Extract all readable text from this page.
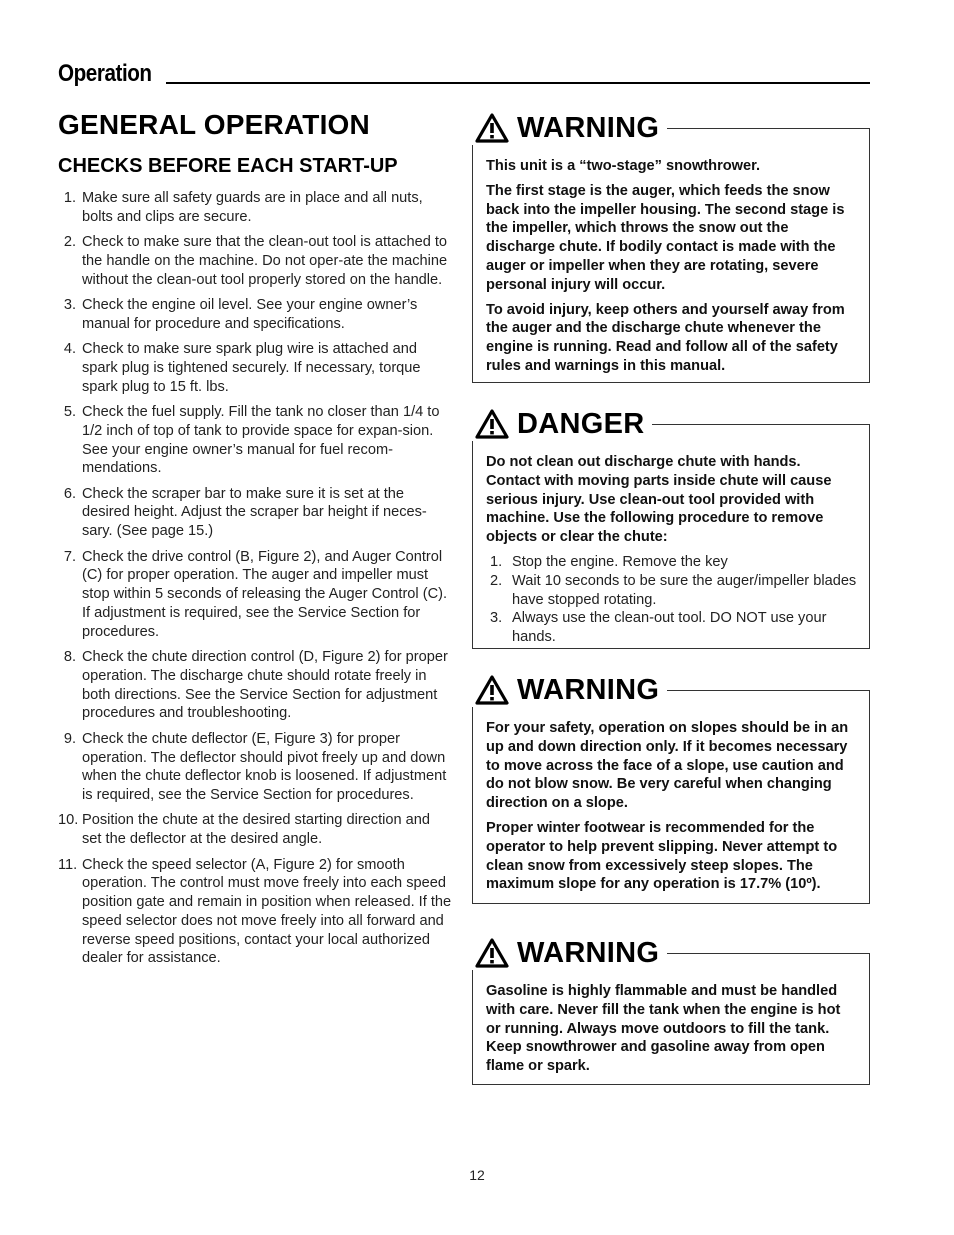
Operation
GENERAL OPERATION
CHECKS BEFORE EACH START-UP
1. Make sure all safety guards are in place and all nuts, bolts and clips are secure.
2. Check to make sure that the clean-out tool is attached to the handle on the machine. Do not oper-ate the machine without the clean-out tool properly stored on the handle.
3. Check the engine oil level. See your engine owner’s manual for procedure and specifications.
4. Check to make sure spark plug wire is attached and spark plug is tightened securely. If necessary, torque spark plug to 15 ft. lbs.
5. Check the fuel supply. Fill the tank no closer than 1/4 to 1/2 inch of top of tank to provide space for expan-sion. See your engine owner’s manual for fuel recom-mendations.
6. Check the scraper bar to make sure it is set at the desired height. Adjust the scraper bar height if neces-sary. (See page 15.)
7. Check the drive control (B, Figure 2), and Auger Control (C) for proper operation. The auger and impeller must stop within 5 seconds of releasing the Auger Control (C). If adjustment is required, see the Service Section for procedures.
8. Check the chute direction control (D, Figure 2) for proper operation. The discharge chute should rotate freely in both directions. See the Service Section for adjustment procedures and troubleshooting.
9. Check the chute deflector (E, Figure 3) for proper operation. The deflector should pivot freely up and down when the chute deflector knob is loosened. If adjustment is required, see the Service Section for procedures.
10. Position the chute at the desired starting direction and set the deflector at the desired angle.
11. Check the speed selector (A, Figure 2) for smooth operation. The control must move freely into each speed position gate and remain in position when released. If the speed selector does not move freely into all forward and reverse speed positions, contact your local authorized dealer for assistance.
WARNING

This unit is a “two-stage” snowthrower.

The first stage is the auger, which feeds the snow back into the impeller housing. The second stage is the impeller, which throws the snow out the discharge chute. If bodily contact is made with the auger or impeller when they are rotating, severe personal injury will occur.

To avoid injury, keep others and yourself away from the auger and the discharge chute whenever the engine is running. Read and follow all of the safety rules and warnings in this manual.

DANGER

Do not clean out discharge chute with hands. Contact with moving parts inside chute will cause serious injury. Use clean-out tool provided with machine. Use the following procedure to remove objects or clear the chute:

1. Stop the engine. Remove the key
2. Wait 10 seconds to be sure the auger/impeller blades have stopped rotating.
3. Always use the clean-out tool. DO NOT use your hands.
WARNING

For your safety, operation on slopes should be in an up and down direction only. If it becomes necessary to move across the face of a slope, use caution and do not blow snow. Be very careful when changing direction on a slope.

Proper winter footwear is recommended for the operator to help prevent slipping. Never attempt to clean snow from excessively steep slopes. The maximum slope for any operation is 17.7% (10º).

WARNING

Gasoline is highly flammable and must be handled with care. Never fill the tank when the engine is hot or running. Always move outdoors to fill the tank. Keep snowthrower and gasoline away from open flame or spark.

12
